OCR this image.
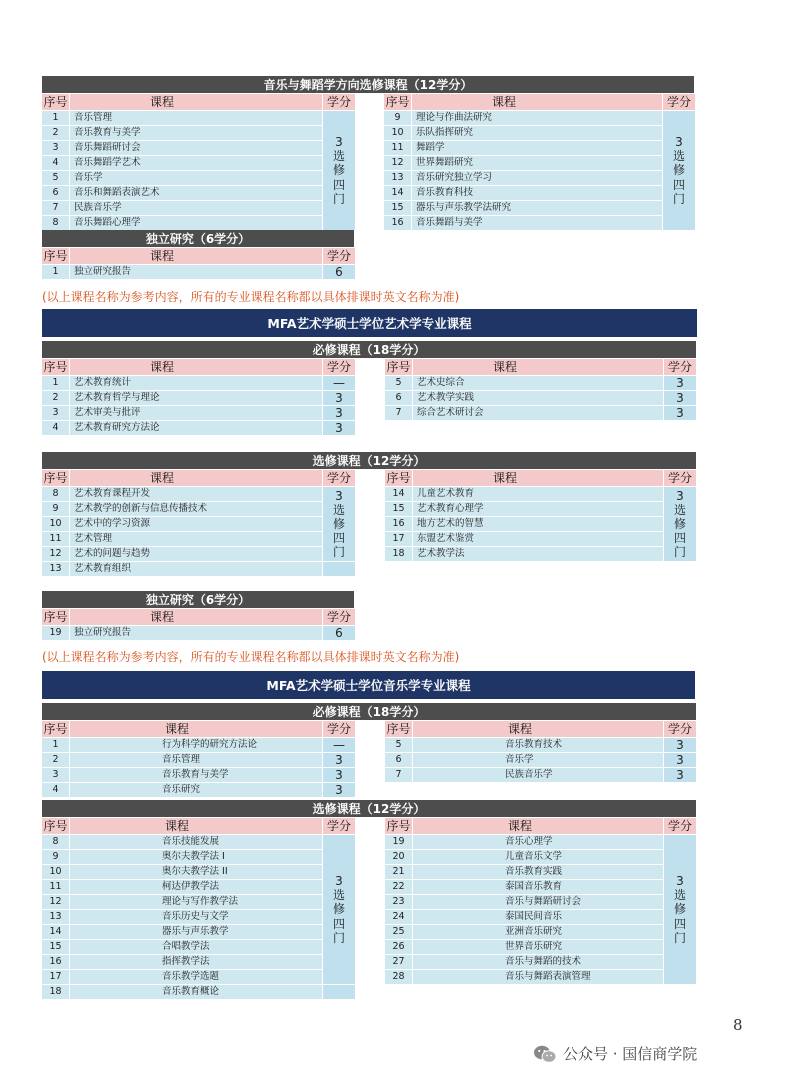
音乐与舞蹈学方向选修课程（12学分）
序号	课程	学分
1	音乐管理	3
选
修
四
门

2	音乐教育与美学	
3	音乐舞蹈研讨会	
4	音乐舞蹈学艺术	
5	音乐学	
6	音乐和舞蹈表演艺术	
7	民族音乐学	
8	音乐舞蹈心理学	
序号	课程	学分
9	理论与作曲法研究	3
选
修
四
门

10	乐队指挥研究	
11	舞蹈学	
12	世界舞蹈研究	
13	音乐研究独立学习	
14	音乐教育科技	
15	器乐与声乐教学法研究	
16	音乐舞蹈与美学	
独立研究（6学分）
序号	课程	学分
1	独立研究报告	6
(以上课程名称为参考内容，所有的专业课程名称都以具体排课时英文名称为准)
MFA艺术学硕士学位艺术学专业课程
必修课程（18学分）
序号	课程	学分
1	艺术教育统计	—
2	艺术教育哲学与理论	3
3	艺术审美与批评	3
4	艺术教育研究方法论	3
序号	课程	学分
5	艺术史综合	3
6	艺术教学实践	3
7	综合艺术研讨会	3
选修课程（12学分）
序号	课程	学分
8	艺术教育课程开发	3
选
修
四
门

9	艺术教学的创新与信息传播技术	
10	艺术中的学习资源	
11	艺术管理	
12	艺术的问题与趋势	
13	艺术教育组织	
序号	课程	学分
14	儿童艺术教育	3
选
修
四
门

15	艺术教育心理学	
16	地方艺术的智慧	
17	东盟艺术鉴赏	
18	艺术教学法	
独立研究（6学分）
序号	课程	学分
19	独立研究报告	6
(以上课程名称为参考内容，所有的专业课程名称都以具体排课时英文名称为准)
MFA艺术学硕士学位音乐学专业课程
必修课程（18学分）
序号	课程	学分
1	行为科学的研究方法论	—
2	音乐管理	3
3	音乐教育与美学	3
4	音乐研究	3
序号	课程	学分
5	音乐教育技术	3
6	音乐学	3
7	民族音乐学	3
选修课程（12学分）
序号	课程	学分
8	音乐技能发展	3
选
修
四
门

9	奥尔夫教学法 I	
10	奥尔夫教学法 II	
11	柯达伊教学法	
12	理论与写作教学法	
13	音乐历史与文学	
14	器乐与声乐教学	
15	合唱教学法	
16	指挥教学法	
17	音乐教学选题	
18	音乐教育概论	
序号	课程	学分
19	音乐心理学	3
选
修
四
门

20	儿童音乐文学	
21	音乐教育实践	
22	泰国音乐教育	
23	音乐与舞蹈研讨会	
24	泰国民间音乐	
25	亚洲音乐研究	
26	世界音乐研究	
27	音乐与舞蹈的技术	
28	音乐与舞蹈表演管理	
8
公众号 · 国信商学院
